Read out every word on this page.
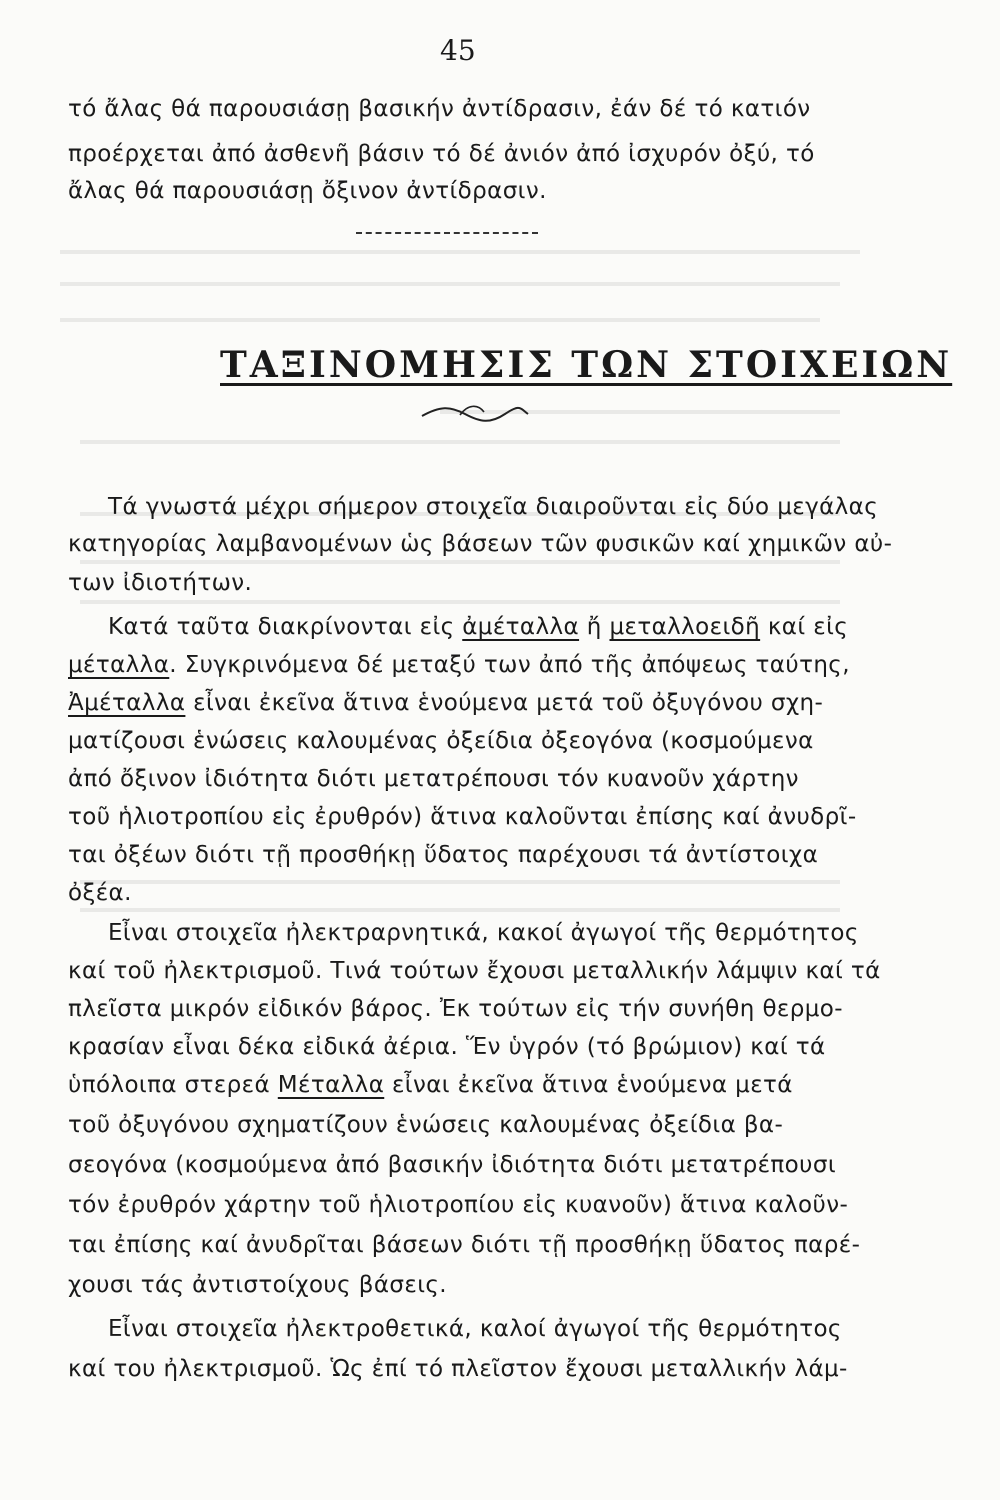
45
τό ἄλας θά παρουσιάσῃ βασικήν ἀντίδρασιν, ἐάν δέ τό κατιόν
προέρχεται ἀπό ἀσθενῆ βάσιν τό δέ ἀνιόν ἀπό ἰσχυρόν ὀξύ, τό
ἄλας θά παρουσιάσῃ ὄξινον ἀντίδρασιν.
ΤΑΞΙΝΟΜΗΣΙΣ ΤΩΝ ΣΤΟΙΧΕΙΩΝ
Τά γνωστά μέχρι σήμερον στοιχεῖα διαιροῦνται εἰς δύο μεγάλας
κατηγορίας λαμβανομένων ὡς βάσεων τῶν φυσικῶν καί χημικῶν αὐ-
των ἰδιοτήτων.
Κατά ταῦτα διακρίνονται εἰς ἀμέταλλα ἤ μεταλλοειδῆ καί εἰς
μέταλλα. Συγκρινόμενα δέ μεταξύ των ἀπό τῆς ἀπόψεως ταύτης,
Ἀμέταλλα εἶναι ἐκεῖνα ἅτινα ἑνούμενα μετά τοῦ ὀξυγόνου σχη-
ματίζουσι ἑνώσεις καλουμένας ὀξείδια ὀξεογόνα (κοσμούμενα
ἀπό ὄξινον ἰδιότητα διότι μετατρέπουσι τόν κυανοῦν χάρτην
τοῦ ἡλιοτροπίου εἰς ἐρυθρόν) ἅτινα καλοῦνται ἐπίσης καί ἀνυδρῖ-
ται ὀξέων διότι τῇ προσθήκῃ ὕδατος παρέχουσι τά ἀντίστοιχα
ὀξέα.
Εἶναι στοιχεῖα ἠλεκτραρνητικά, κακοί ἀγωγοί τῆς θερμότητος
καί τοῦ ἠλεκτρισμοῦ. Τινά τούτων ἔχουσι μεταλλικήν λάμψιν καί τά
πλεῖστα μικρόν εἰδικόν βάρος. Ἐκ τούτων εἰς τήν συνήθη θερμο-
κρασίαν εἶναι δέκα εἰδικά ἀέρια. Ἕν ὑγρόν (τό βρώμιον) καί τά
ὑπόλοιπα στερεά Μέταλλα εἶναι ἐκεῖνα ἅτινα ἑνούμενα μετά
τοῦ ὀξυγόνου σχηματίζουν ἑνώσεις καλουμένας ὀξείδια βα-
σεογόνα (κοσμούμενα ἀπό βασικήν ἰδιότητα διότι μετατρέπουσι
τόν ἐρυθρόν χάρτην τοῦ ἡλιοτροπίου εἰς κυανοῦν) ἅτινα καλοῦν-
ται ἐπίσης καί ἀνυδρῖται βάσεων διότι τῇ προσθήκῃ ὕδατος παρέ-
χουσι τάς ἀντιστοίχους βάσεις.
Εἶναι στοιχεῖα ἠλεκτροθετικά, καλοί ἀγωγοί τῆς θερμότητος
καί του ἠλεκτρισμοῦ. Ὡς ἐπί τό πλεῖστον ἔχουσι μεταλλικήν λάμ-
